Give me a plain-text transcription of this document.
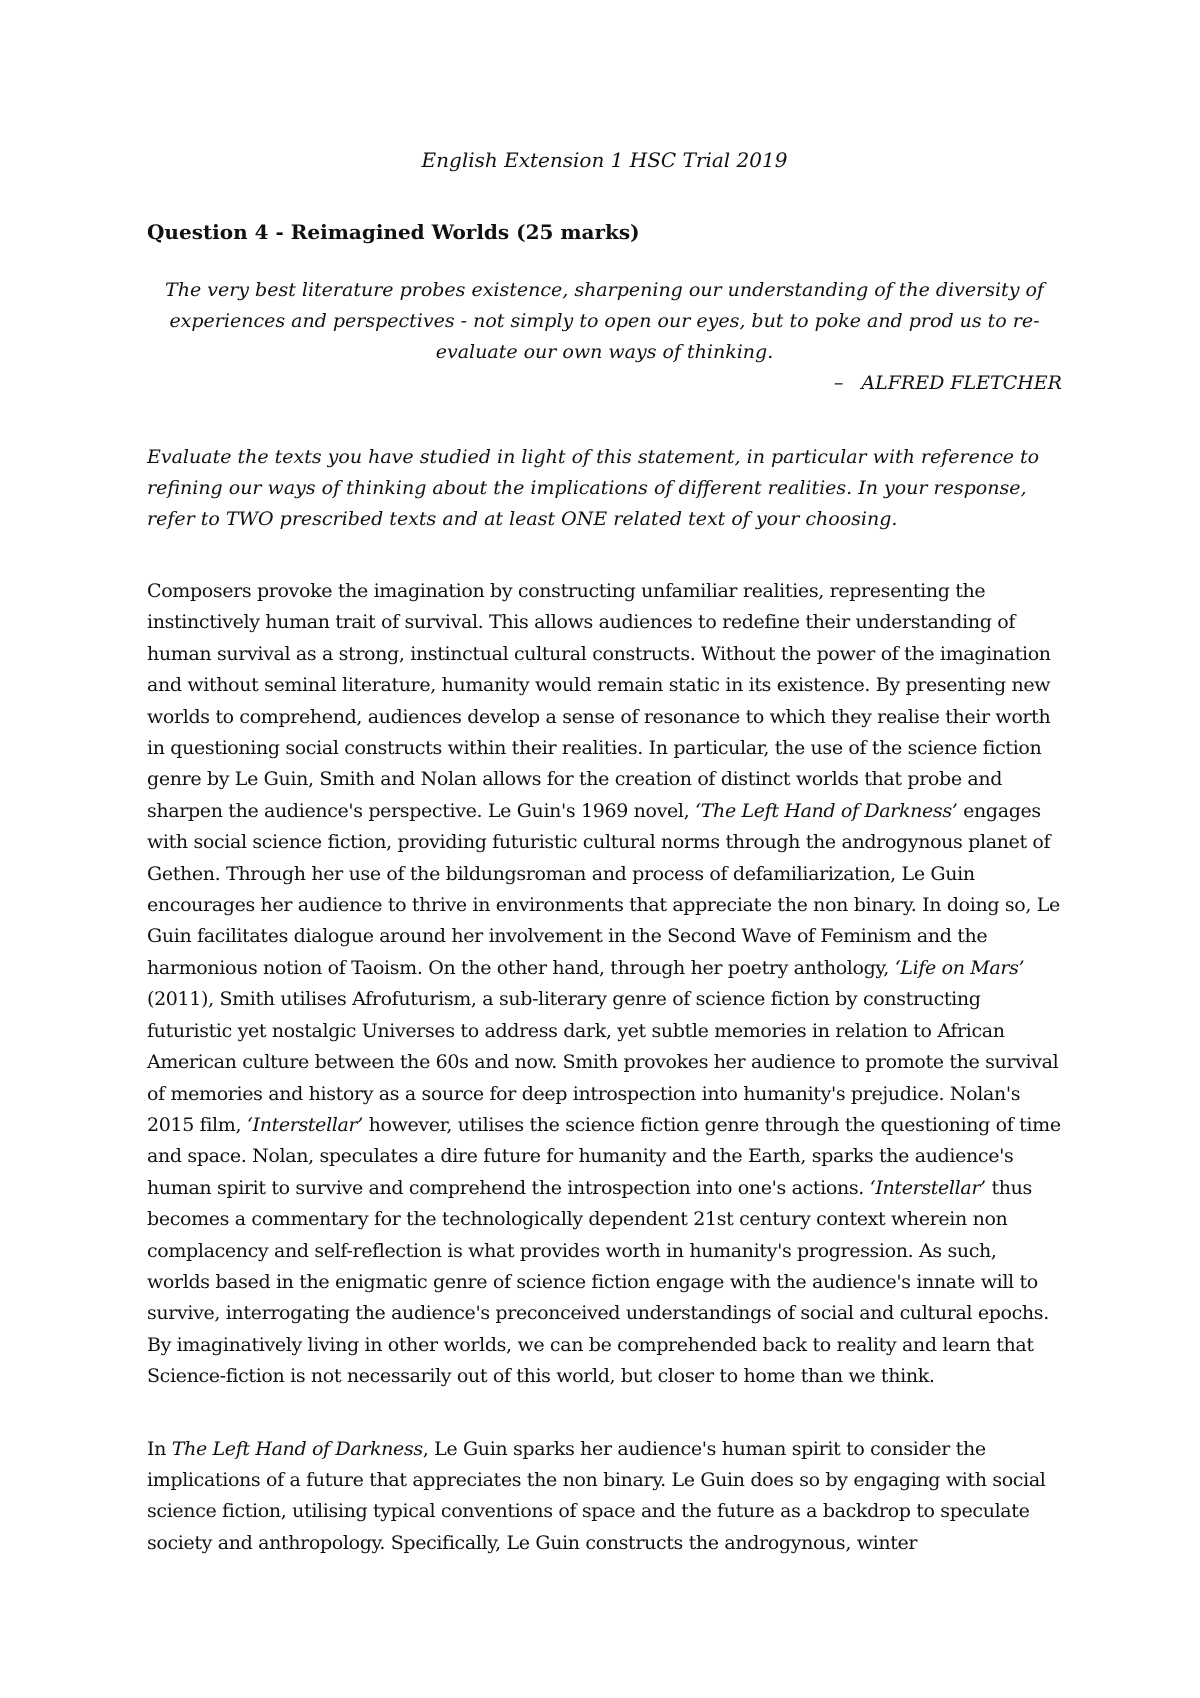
English Extension 1 HSC Trial 2019

Question 4 - Reimagined Worlds (25 marks)

The very best literature probes existence, sharpening our understanding of the diversity of experiences and perspectives - not simply to open our eyes, but to poke and prod us to re-evaluate our own ways of thinking.

– ALFRED FLETCHER

Evaluate the texts you have studied in light of this statement, in particular with reference to refining our ways of thinking about the implications of different realities. In your response, refer to TWO prescribed texts and at least ONE related text of your choosing.

Composers provoke the imagination by constructing unfamiliar realities, representing the instinctively human trait of survival. This allows audiences to redefine their understanding of human survival as a strong, instinctual cultural constructs. Without the power of the imagination and without seminal literature, humanity would remain static in its existence. By presenting new worlds to comprehend, audiences develop a sense of resonance to which they realise their worth in questioning social constructs within their realities. In particular, the use of the science fiction genre by Le Guin, Smith and Nolan allows for the creation of distinct worlds that probe and sharpen the audience's perspective. Le Guin's 1969 novel, ‘The Left Hand of Darkness’ engages with social science fiction, providing futuristic cultural norms through the androgynous planet of Gethen. Through her use of the bildungsroman and process of defamiliarization, Le Guin encourages her audience to thrive in environments that appreciate the non binary. In doing so, Le Guin facilitates dialogue around her involvement in the Second Wave of Feminism and the harmonious notion of Taoism. On the other hand, through her poetry anthology, ‘Life on Mars’ (2011), Smith utilises Afrofuturism, a sub-literary genre of science fiction by constructing futuristic yet nostalgic Universes to address dark, yet subtle memories in relation to African American culture between the 60s and now. Smith provokes her audience to promote the survival of memories and history as a source for deep introspection into humanity's prejudice. Nolan's 2015 film, ‘Interstellar’ however, utilises the science fiction genre through the questioning of time and space. Nolan, speculates a dire future for humanity and the Earth, sparks the audience's human spirit to survive and comprehend the introspection into one's actions. ‘Interstellar’ thus becomes a commentary for the technologically dependent 21st century context wherein non complacency and self-reflection is what provides worth in humanity's progression. As such, worlds based in the enigmatic genre of science fiction engage with the audience's innate will to survive, interrogating the audience's preconceived understandings of social and cultural epochs. By imaginatively living in other worlds, we can be comprehended back to reality and learn that Science-fiction is not necessarily out of this world, but closer to home than we think.

In The Left Hand of Darkness, Le Guin sparks her audience's human spirit to consider the implications of a future that appreciates the non binary. Le Guin does so by engaging with social science fiction, utilising typical conventions of space and the future as a backdrop to speculate society and anthropology. Specifically, Le Guin constructs the androgynous, winter
